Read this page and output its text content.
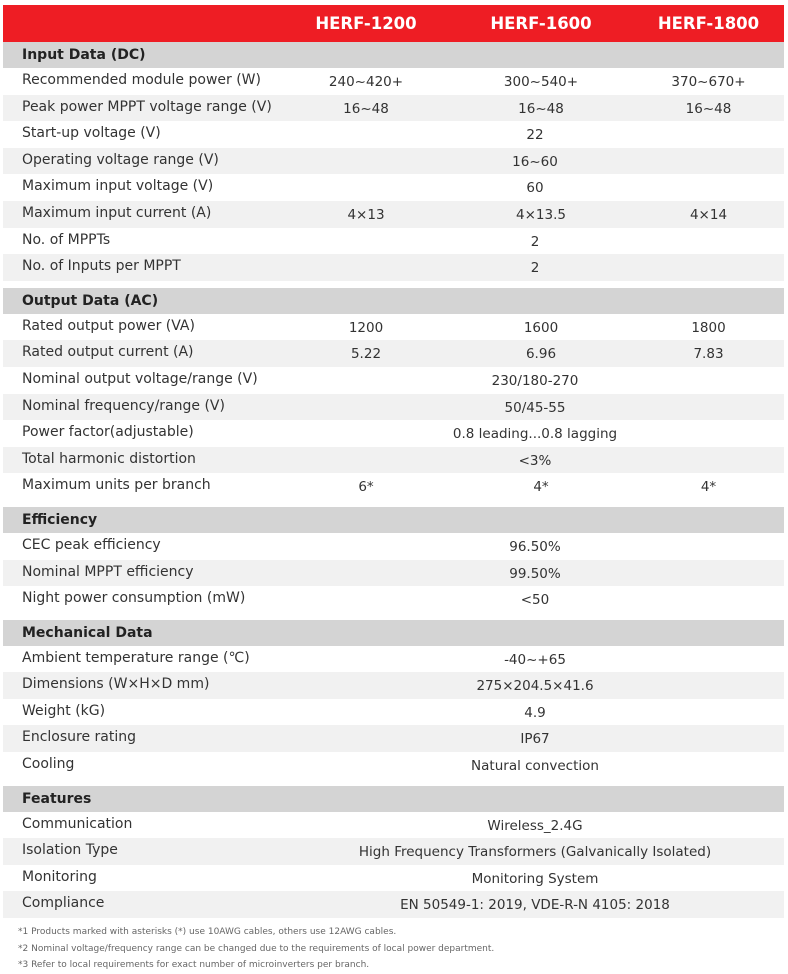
HERF-1200	HERF-1600	HERF-1800
Input Data (DC)
Recommended module power (W)	240~420+	300~540+	370~670+
Peak power MPPT voltage range (V)	16~48	16~48	16~48
Start-up voltage (V)	22
Operating voltage range (V)	16~60
Maximum input voltage (V)	60
Maximum input current (A)	4×13	4×13.5	4×14
No. of MPPTs	2
No. of Inputs per MPPT	2
Output Data (AC)
Rated output power (VA)	1200	1600	1800
Rated output current (A)	5.22	6.96	7.83
Nominal output voltage/range (V)	230/180-270
Nominal frequency/range (V)	50/45-55
Power factor(adjustable)	0.8 leading...0.8 lagging
Total harmonic distortion	<3%
Maximum units per branch	6*	4*	4*
Efficiency
CEC peak efficiency	96.50%
Nominal MPPT efficiency	99.50%
Night power consumption (mW)	<50
Mechanical Data
Ambient temperature range (℃)	-40~+65
Dimensions (W×H×D mm)	275×204.5×41.6
Weight (kG)	4.9
Enclosure rating	IP67
Cooling	Natural convection
Features
Communication	Wireless_2.4G
Isolation Type	High Frequency Transformers (Galvanically Isolated)
Monitoring	Monitoring System
Compliance	EN 50549-1: 2019, VDE-R-N 4105: 2018
*1 Products marked with asterisks (*) use 10AWG cables, others use 12AWG cables.
*2 Nominal voltage/frequency range can be changed due to the requirements of local power department.
*3 Refer to local requirements for exact number of microinverters per branch.
